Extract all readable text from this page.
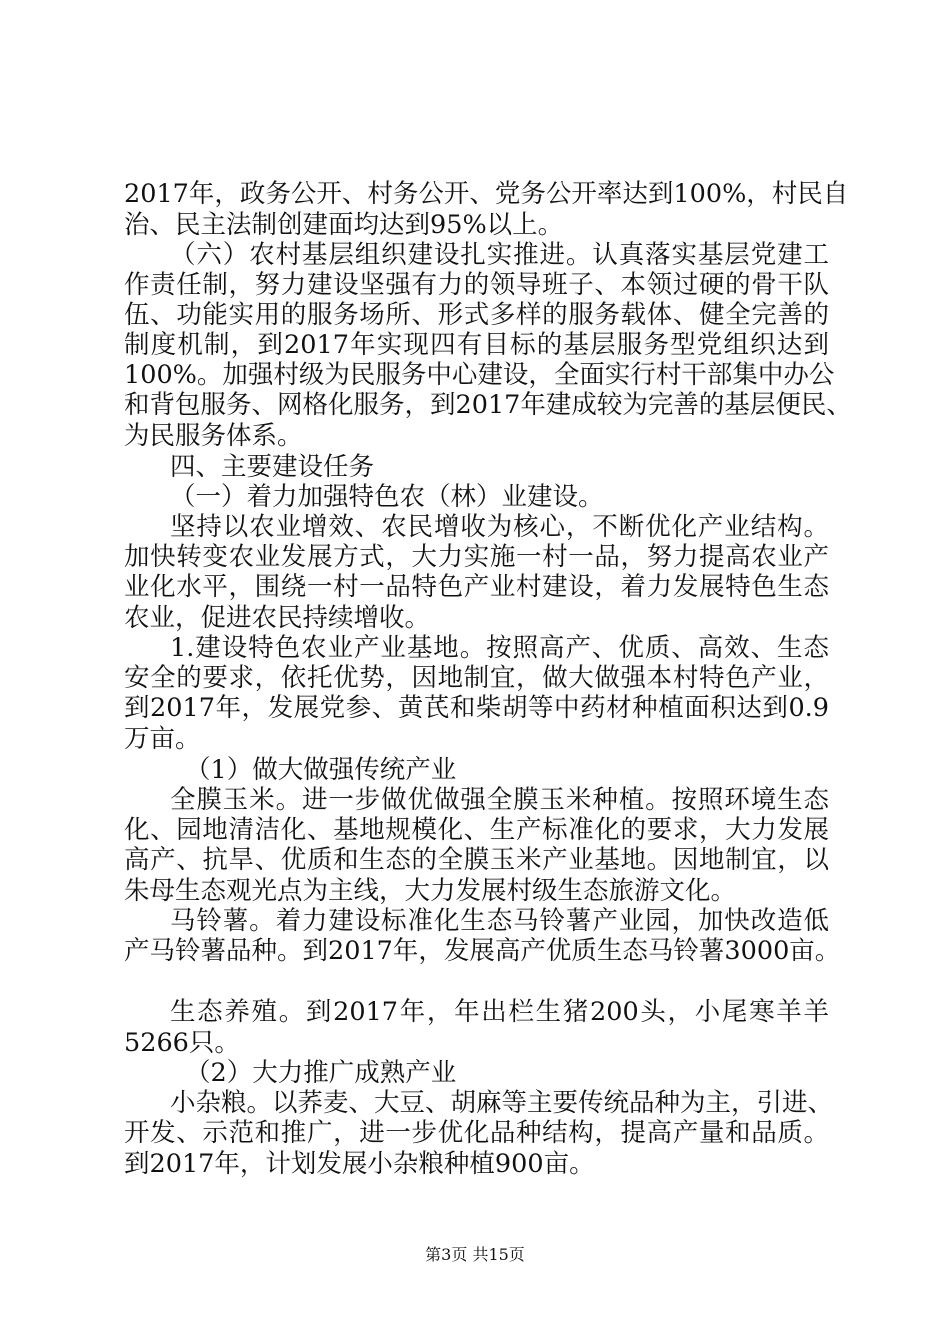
2017年，政务公开、村务公开、党务公开率达到100%，村民自
治、民主法制创建面均达到95%以上。
（六）农村基层组织建设扎实推进。认真落实基层党建工
作责任制，努力建设坚强有力的领导班子、本领过硬的骨干队
伍、功能实用的服务场所、形式多样的服务载体、健全完善的
制度机制，到2017年实现四有目标的基层服务型党组织达到
100%。加强村级为民服务中心建设，全面实行村干部集中办公
和背包服务、网格化服务，到2017年建成较为完善的基层便民、
为民服务体系。
四、主要建设任务
（一）着力加强特色农（林）业建设。
坚持以农业增效、农民增收为核心，不断优化产业结构。
加快转变农业发展方式，大力实施一村一品，努力提高农业产
业化水平，围绕一村一品特色产业村建设，着力发展特色生态
农业，促进农民持续增收。
1.建设特色农业产业基地。按照高产、优质、高效、生态
安全的要求，依托优势，因地制宜，做大做强本村特色产业，
到2017年，发展党参、黄芪和柴胡等中药材种植面积达到0.9
万亩。
（1）做大做强传统产业
全膜玉米。进一步做优做强全膜玉米种植。按照环境生态
化、园地清洁化、基地规模化、生产标准化的要求，大力发展
高产、抗旱、优质和生态的全膜玉米产业基地。因地制宜，以
朱母生态观光点为主线，大力发展村级生态旅游文化。
马铃薯。着力建设标准化生态马铃薯产业园，加快改造低
产马铃薯品种。到2017年，发展高产优质生态马铃薯3000亩。
生态养殖。到2017年，年出栏生猪200头，小尾寒羊羊
5266只。
（2）大力推广成熟产业
小杂粮。以荞麦、大豆、胡麻等主要传统品种为主，引进、
开发、示范和推广，进一步优化品种结构，提高产量和品质。
到2017年，计划发展小杂粮种植900亩。
第3页 共15页
